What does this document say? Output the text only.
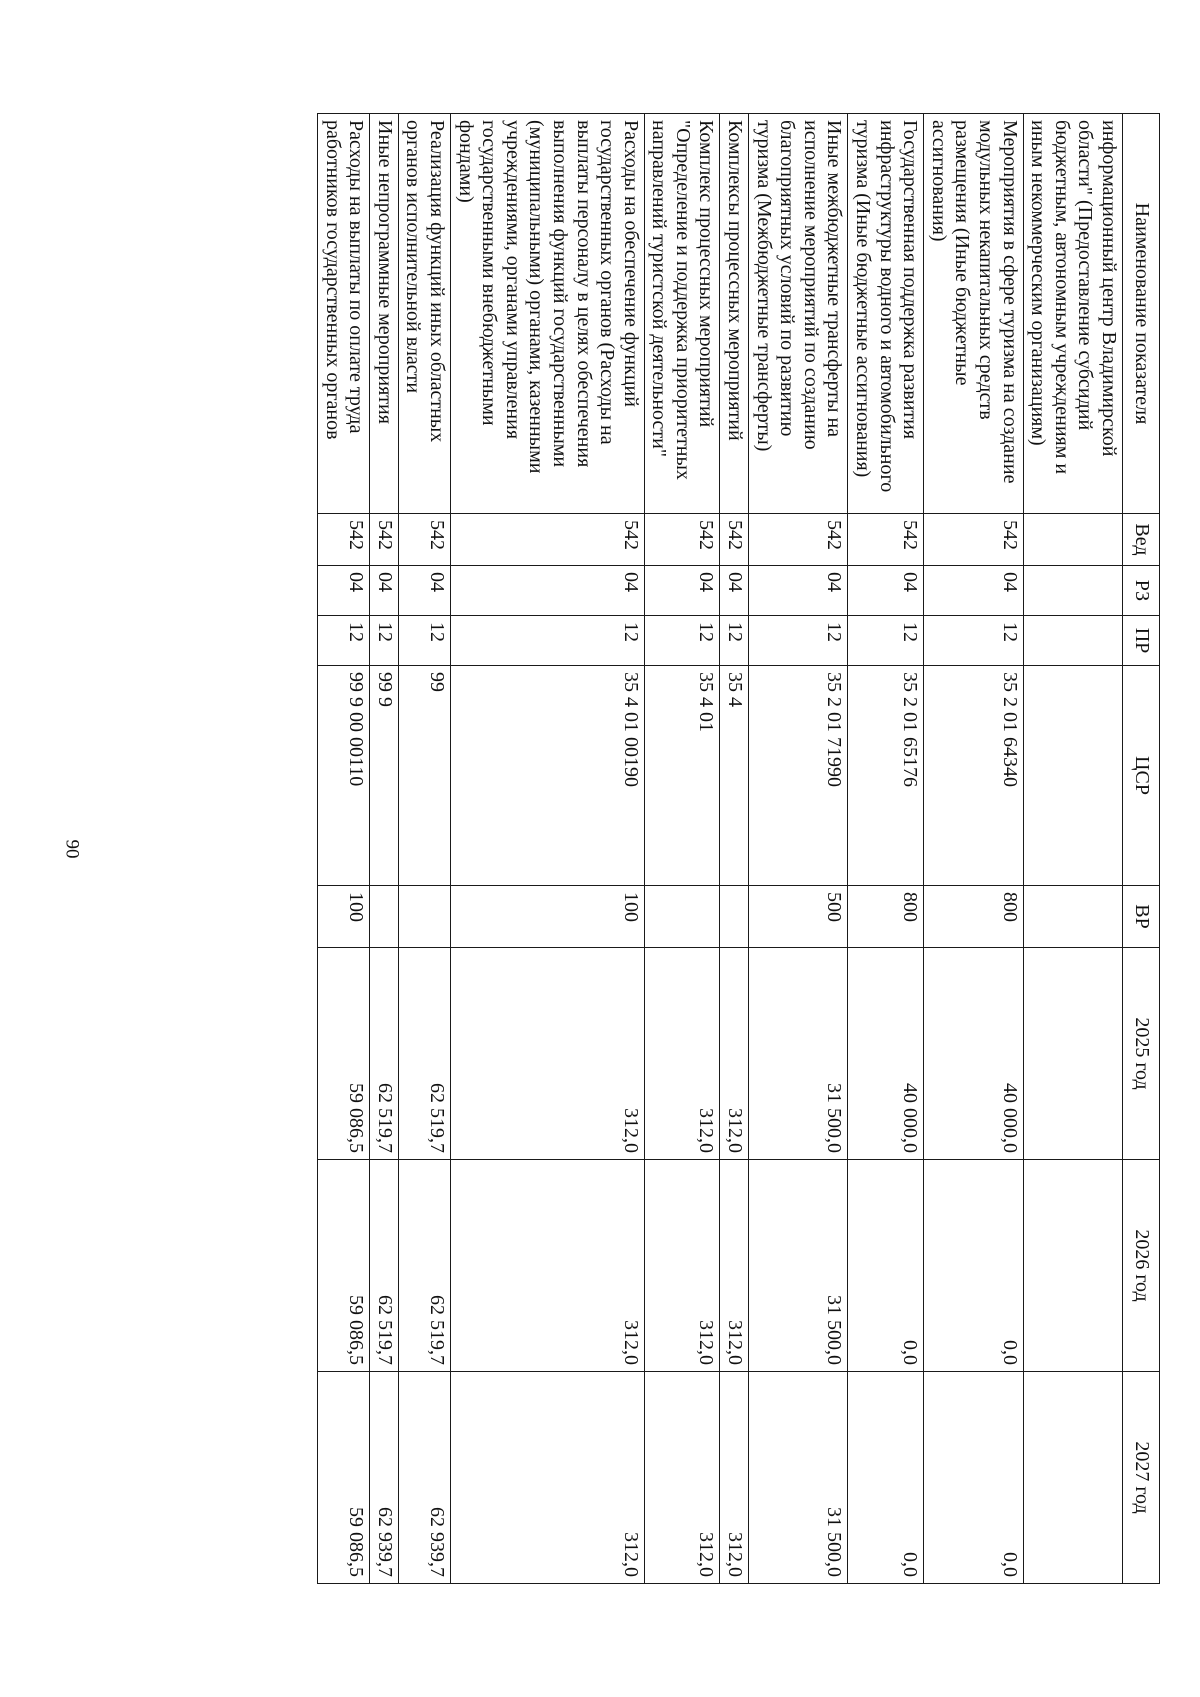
90
Наименование показателя	Вед	РЗ	ПР	ЦСР	ВР	2025 год	2026 год	2027 год
информационный центр Владимирской области" (Предоставление субсидий бюджетным, автономным учреждениям и иным некоммерческим организациям)								
Мероприятия в сфере туризма на создание модульных некапитальных средств размещения (Иные бюджетные ассигнования)	542	04	12	35 2 01 64340	800	40 000,0	0,0	0,0
Государственная поддержка развития инфраструктуры водного и автомобильного туризма (Иные бюджетные ассигнования)	542	04	12	35 2 01 65176	800	40 000,0	0,0	0,0
Иные межбюджетные трансферты на исполнение мероприятий по созданию благоприятных условий по развитию туризма (Межбюджетные трансферты)	542	04	12	35 2 01 71990	500	31 500,0	31 500,0	31 500,0
Комплексы процессных мероприятий	542	04	12	35 4		312,0	312,0	312,0
Комплекс процессных мероприятий "Определение и поддержка приоритетных направлений туристской деятельности"	542	04	12	35 4 01		312,0	312,0	312,0
Расходы на обеспечение функций государственных органов (Расходы на выплаты персоналу в целях обеспечения выполнения функций государственными (муниципальными) органами, казенными учреждениями, органами управления государственными внебюджетными фондами)	542	04	12	35 4 01 00190	100	312,0	312,0	312,0
Реализация функций иных областных органов исполнительной власти	542	04	12	99		62 519,7	62 519,7	62 939,7
Иные непрограммные мероприятия	542	04	12	99 9		62 519,7	62 519,7	62 939,7
Расходы на выплаты по оплате труда работников государственных органов	542	04	12	99 9 00 00110	100	59 086,5	59 086,5	59 086,5
